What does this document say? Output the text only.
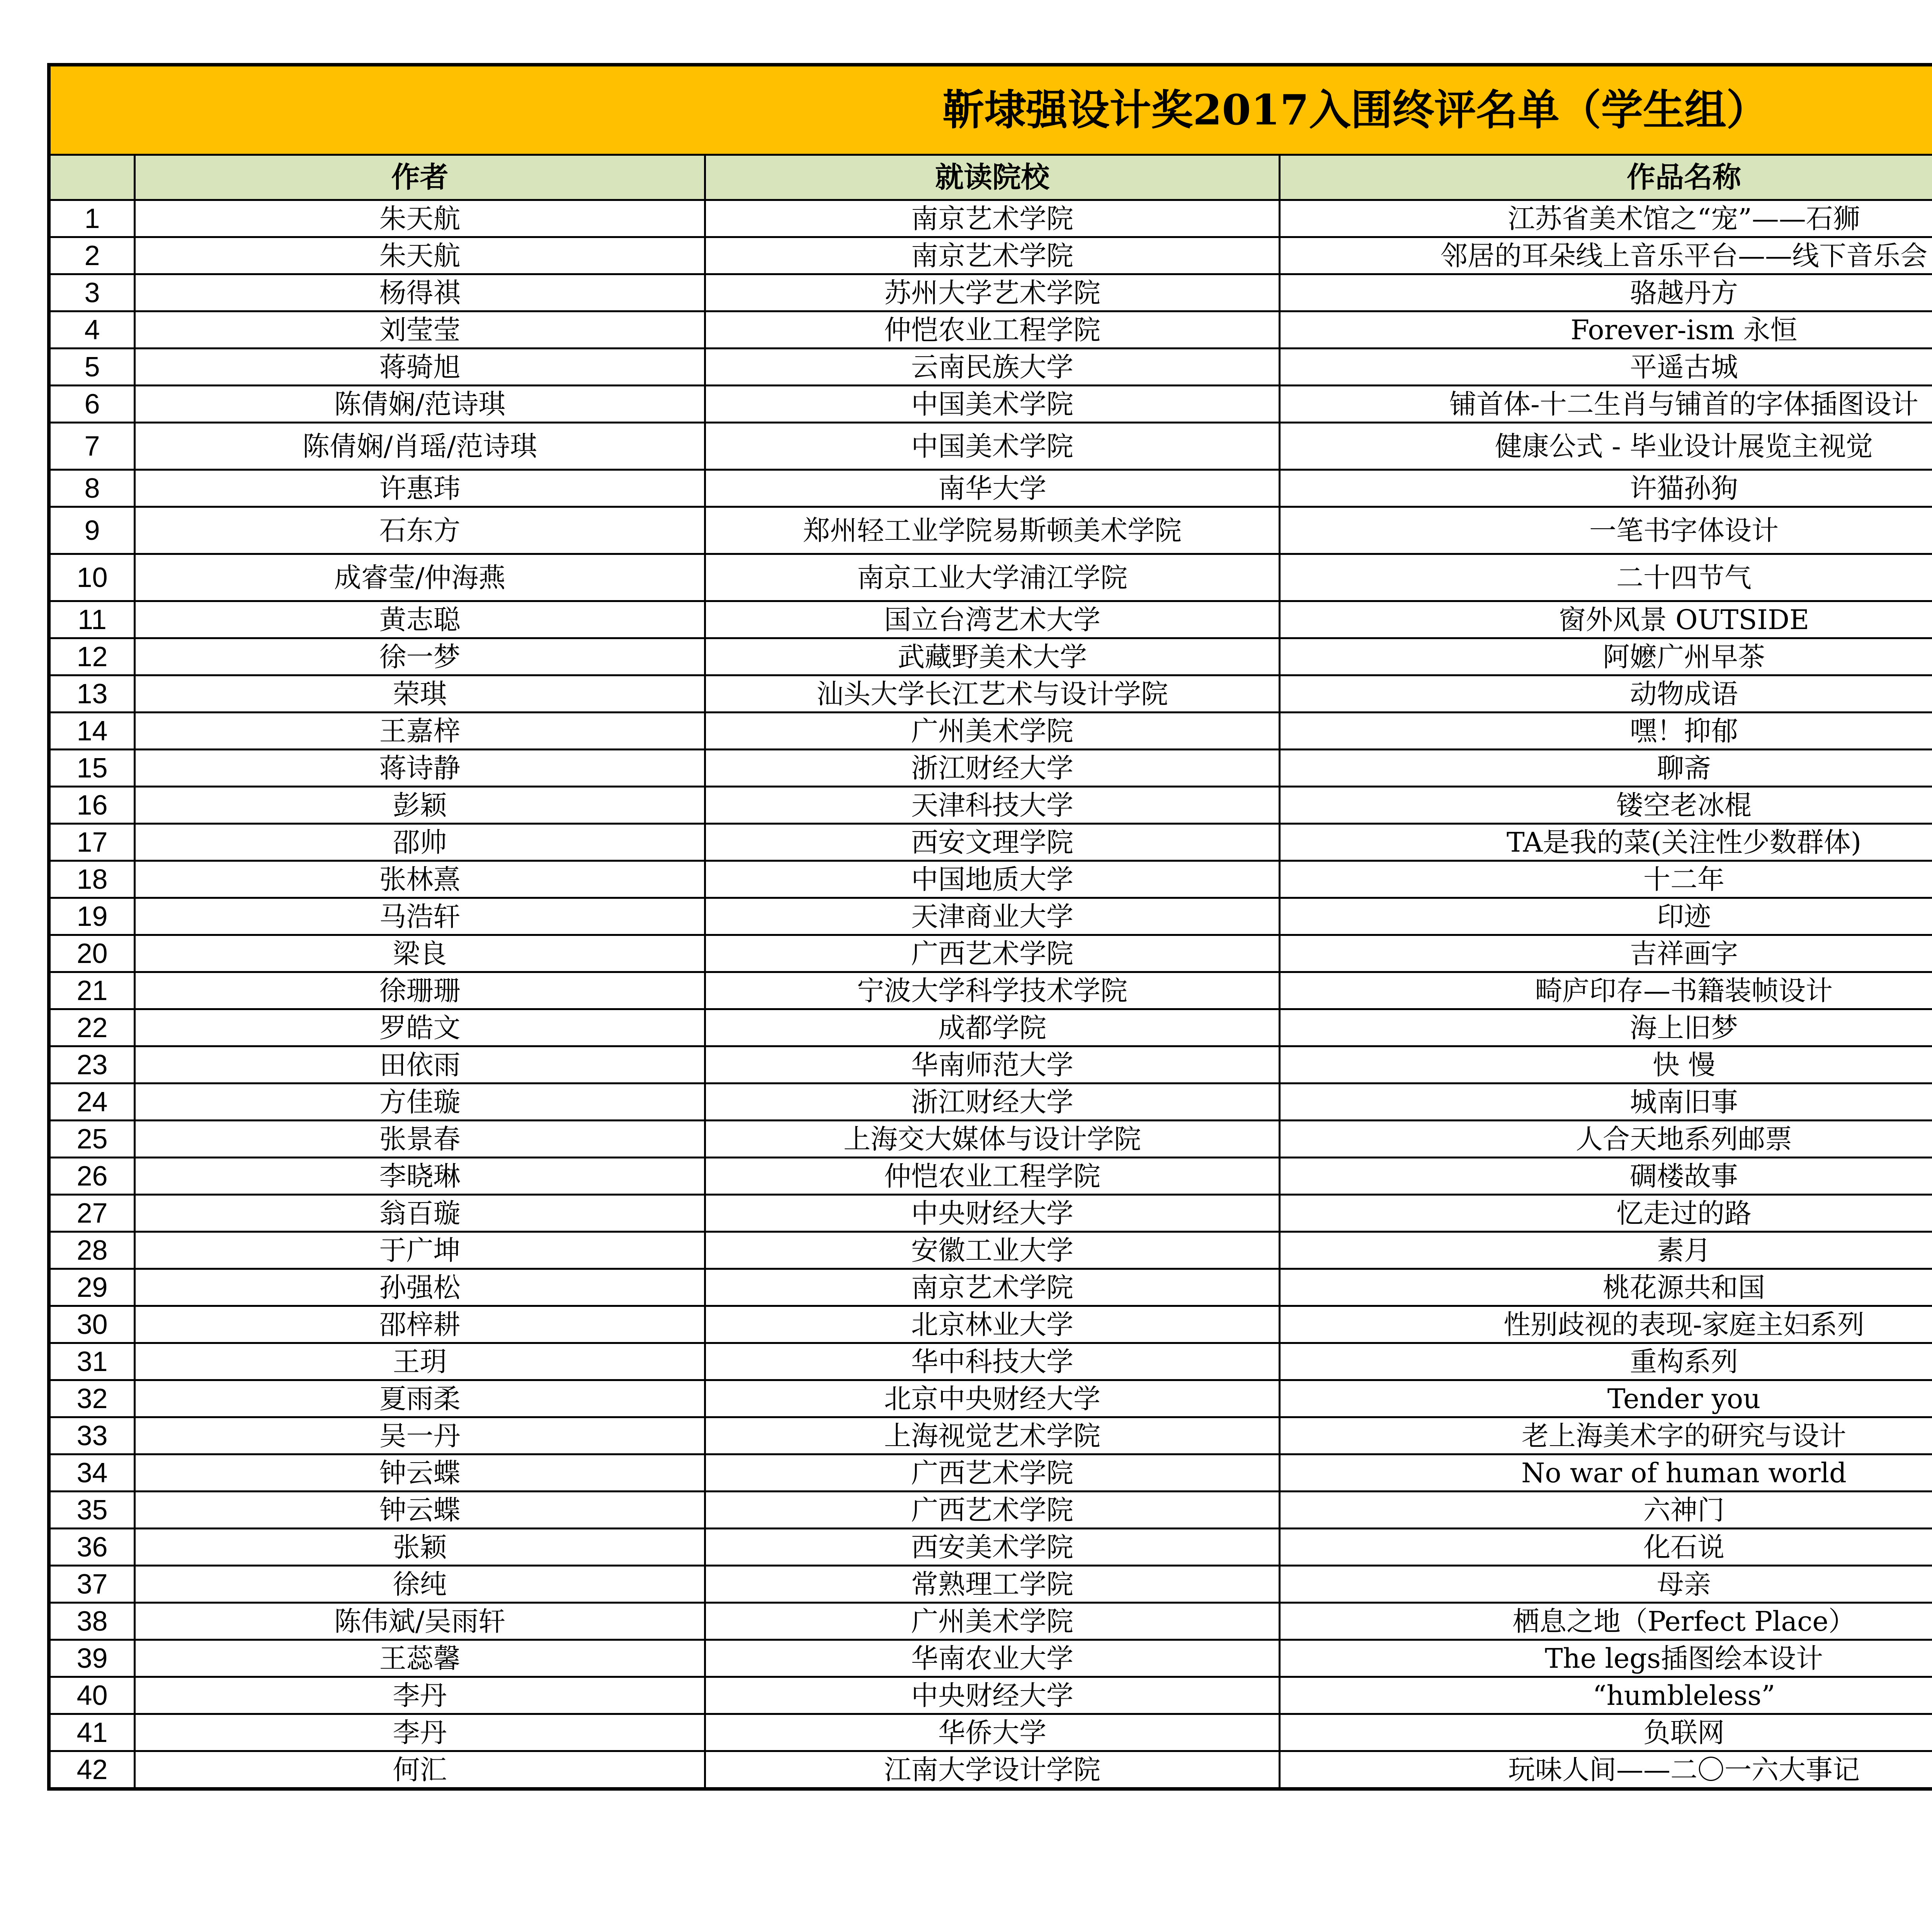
靳埭强设计奖2017入围终评名单（学生组）					
	作者	就读院校	作品名称		
1	朱天航	南京艺术学院	江苏省美术馆之“宠”——石狮		
2	朱天航	南京艺术学院	邻居的耳朵线上音乐平台——线下音乐会		
3	杨得祺	苏州大学艺术学院	骆越丹方		
4	刘莹莹	仲恺农业工程学院	Forever-ism 永恒		
5	蒋骑旭	云南民族大学	平遥古城		
6	陈倩娴/范诗琪	中国美术学院	铺首体-十二生肖与铺首的字体插图设计		
7	陈倩娴/肖瑶/范诗琪	中国美术学院	健康公式 - 毕业设计展览主视觉		
8	许惠玮	南华大学	许猫孙狗		
9	石东方	郑州轻工业学院易斯顿美术学院	一笔书字体设计		
10	成睿莹/仲海燕	南京工业大学浦江学院	二十四节气		
11	黄志聪	国立台湾艺术大学	窗外风景 OUTSIDE		
12	徐一梦	武藏野美术大学	阿嬷广州早茶		
13	荣琪	汕头大学长江艺术与设计学院	动物成语		
14	王嘉梓	广州美术学院	嘿！抑郁		
15	蒋诗静	浙江财经大学	聊斋		
16	彭颖	天津科技大学	镂空老冰棍		
17	邵帅	西安文理学院	TA是我的菜(关注性少数群体)		
18	张林熹	中国地质大学	十二年		
19	马浩轩	天津商业大学	印迹		
20	梁良	广西艺术学院	吉祥画字		
21	徐珊珊	宁波大学科学技术学院	畸庐印存—书籍装帧设计		
22	罗皓文	成都学院	海上旧梦		
23	田依雨	华南师范大学	快 慢		
24	方佳璇	浙江财经大学	城南旧事		
25	张景春	上海交大媒体与设计学院	人合天地系列邮票		
26	李晓琳	仲恺农业工程学院	碉楼故事		
27	翁百璇	中央财经大学	忆走过的路		
28	于广坤	安徽工业大学	素月		
29	孙强松	南京艺术学院	桃花源共和国		
30	邵梓耕	北京林业大学	性别歧视的表现-家庭主妇系列		
31	王玥	华中科技大学	重构系列		
32	夏雨柔	北京中央财经大学	Tender you		
33	吴一丹	上海视觉艺术学院	老上海美术字的研究与设计		
34	钟云蝶	广西艺术学院	No war of human world		
35	钟云蝶	广西艺术学院	六神门		
36	张颖	西安美术学院	化石说		
37	徐纯	常熟理工学院	母亲		
38	陈伟斌/吴雨轩	广州美术学院	栖息之地（Perfect Place）		
39	王蕊馨	华南农业大学	The legs插图绘本设计		
40	李丹	中央财经大学	“humbleless”		
41	李丹	华侨大学	负联网		
42	何汇	江南大学设计学院	玩味人间——二〇一六大事记		
